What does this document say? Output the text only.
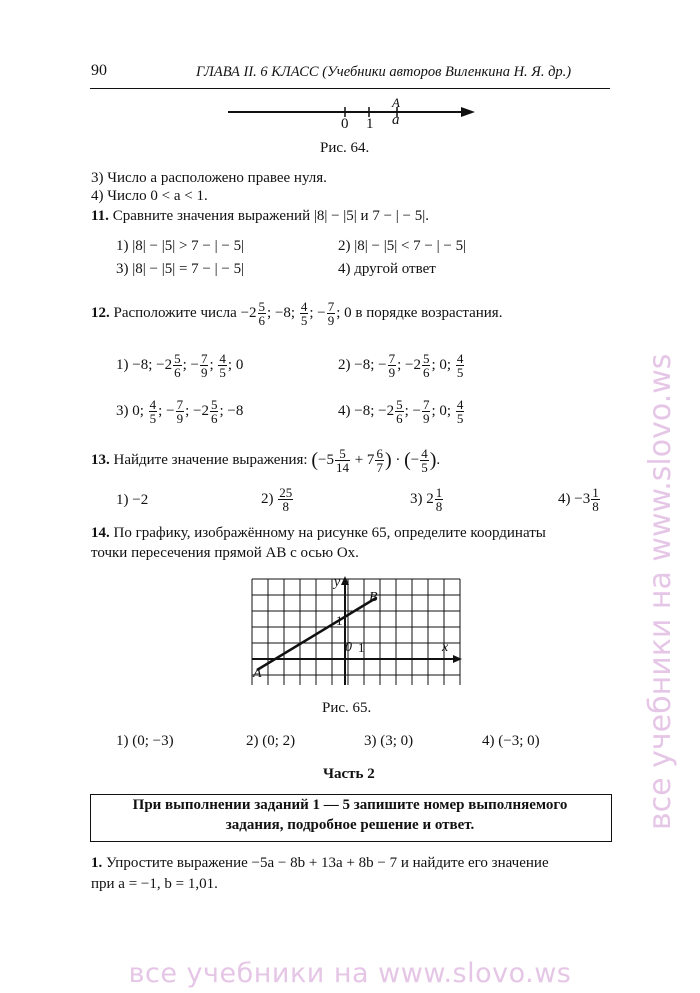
90	ГЛАВА II. 6 КЛАСС (Учебники авторов Виленкина Н. Я. др.)
A
0 1 a
Рис. 64.
3) Число a расположено правее нуля.
4) Число 0 < a < 1.
11. Сравните значения выражений |8| − |5| и 7 − | − 5|.
1) |8| − |5| > 7 − | − 5|	2) |8| − |5| < 7 − | − 5|
3) |8| − |5| = 7 − | − 5|	4) другой ответ
12. Расположите числа $-2 \frac{5}{6}$ ; −8; $\frac{4}{5}$ ; − $\frac{7}{9}$ ; 0 в порядке возрастания.
1) −8; $-2 \frac{5}{6}$ ; − $\frac{7}{9}$ ; $\frac{4}{5}$ ; 0	2) −8; − $\frac{7}{9}$ ; $-2 \frac{5}{6}$ ; 0; $\frac{4}{5}$
3) 0; $\frac{4}{5}$ ; − $\frac{7}{9}$ ; $-2 \frac{5}{6}$ ; −8	4) −8; $-2 \frac{5}{6}$ ; − $\frac{7}{9}$ ; 0; $\frac{4}{5}$
13. Найдите значение выражения: ($-5 \frac{5}{14} + 7 \frac{6}{7}$ ) · (− $\frac{4}{5}$ ).
1) −2	$2) \frac{25}{8}$	3) $2 \frac{1}{8}$	$4) -3 \frac{1}{8}$
14. По графику, изображённому на рисунке 65, определите координаты
точки пересечения прямой AB с осью Ox.
y
B
1
0 1	x
A
Рис. 65.
1) (0; −3)	2) (0; 2)	3) (3; 0)	4) (−3; 0)
Часть 2
При выполнении заданий 1 — 5 запишите номер выполняемого
задания, подробное решение и ответ.
1. Упростите выражение −5a − 8b + 13a + 8b − 7 и найдите его значение
при a = −1, b = 1,01.
все учебники на www.slovo.ws
все учебники на www.slovo.ws
